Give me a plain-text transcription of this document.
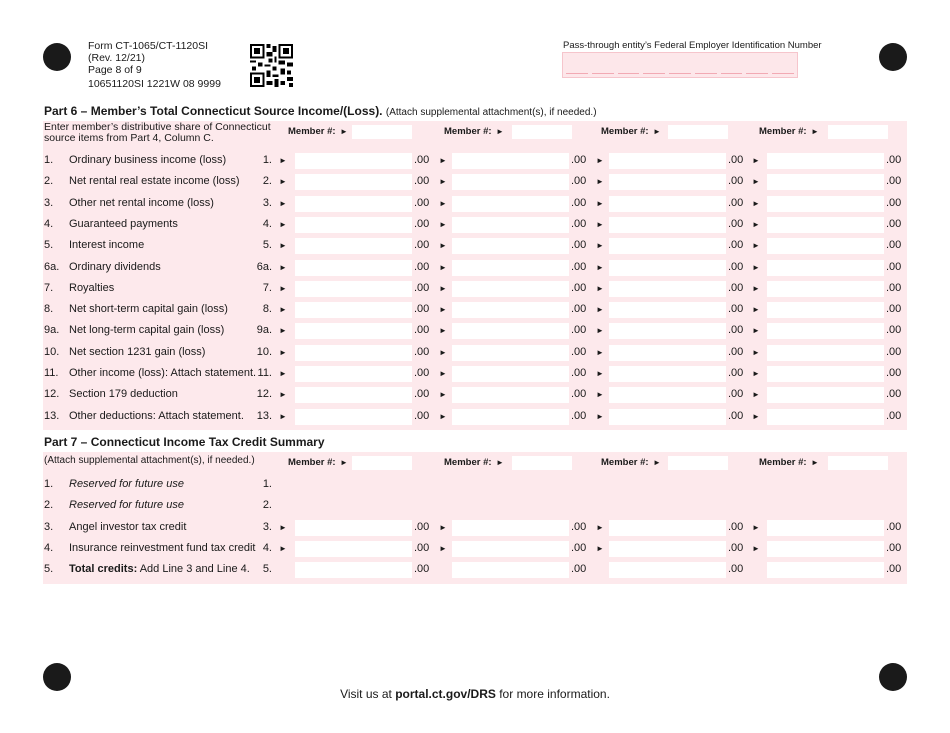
Form CT-1065/CT-1120SI
(Rev. 12/21)
Page 8 of 9
10651120SI 1221W 08 9999
Pass-through entity’s Federal Employer Identification Number
Part 6 – Member’s Total Connecticut Source Income/(Loss). (Attach supplemental attachment(s), if needed.)
Enter member’s distributive share of Connecticut
source items from Part 4, Column C.
Member #: ►	Member #: ►	Member #: ►	Member #: ►
1. Ordinary business income (loss)	1. ►	.00 ►	.00 ►	.00 ►	.00
2. Net rental real estate income (loss)	2. ►	.00 ►	.00 ►	.00 ►	.00
3. Other net rental income (loss)	3. ►	.00 ►	.00 ►	.00 ►	.00
4. Guaranteed payments	4. ►	.00 ►	.00 ►	.00 ►	.00
5. Interest income	5. ►	.00 ►	.00 ►	.00 ►	.00
6a. Ordinary dividends	6a. ►	.00 ►	.00 ►	.00 ►	.00
7. Royalties	7. ►	.00 ►	.00 ►	.00 ►	.00
8. Net short-term capital gain (loss)	8. ►	.00 ►	.00 ►	.00 ►	.00
9a. Net long-term capital gain (loss)	9a. ►	.00 ►	.00 ►	.00 ►	.00
10. Net section 1231 gain (loss)	10. ►	.00 ►	.00 ►	.00 ►	.00
11. Other income (loss): Attach statement. 11. ►	.00 ►	.00 ►	.00 ►	.00
12. Section 179 deduction	12. ►	.00 ►	.00 ►	.00 ►	.00
13. Other deductions: Attach statement.	13. ►	.00 ►	.00 ►	.00 ►	.00
Part 7 – Connecticut Income Tax Credit Summary
(Attach supplemental attachment(s), if needed.)	Member #: ►	Member #: ►	Member #: ►	Member #: ►
1. Reserved for future use	1.
2. Reserved for future use	2.
3. Angel investor tax credit	3. ►	.00 ►	.00 ►	.00 ►	.00
4. Insurance reinvestment fund tax credit 4. ►	.00 ►	.00 ►	.00 ►	.00
5. Total credits: Add Line 3 and Line 4.	5.	.00	.00	.00	.00
Visit us at portal.ct.gov/DRS for more information.
